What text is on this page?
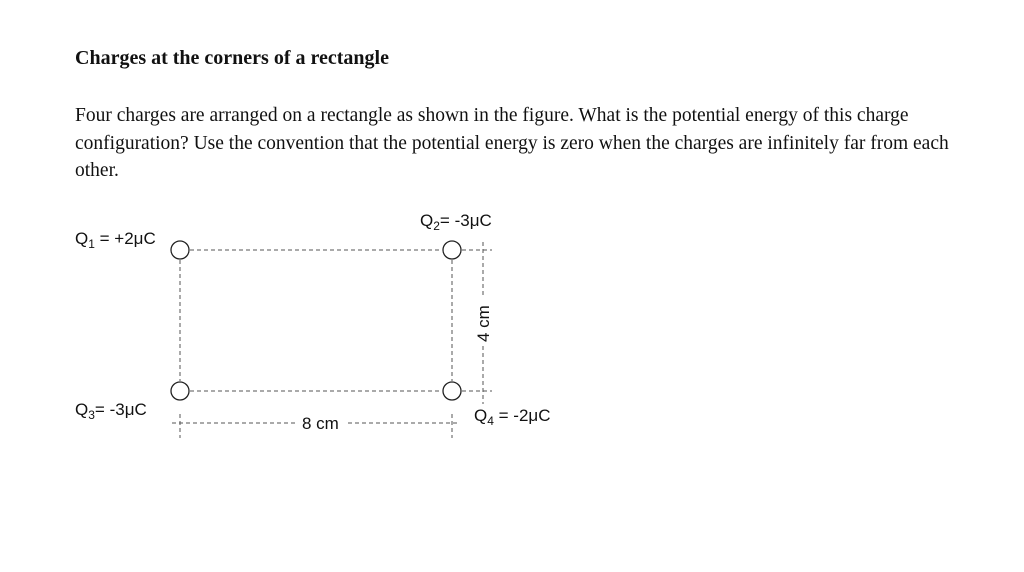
Charges at the corners of a rectangle

Four charges are arranged on a rectangle as shown in the figure. What is the potential energy of this charge configuration? Use the convention that the potential energy is zero when the charges are infinitely far from each other.

8 cm
4 cm
$Q_1 = +2\mu C$
$Q_2= -3\mu C$
$Q_3= -3\mu C$	$Q_4 = -2\mu C$
